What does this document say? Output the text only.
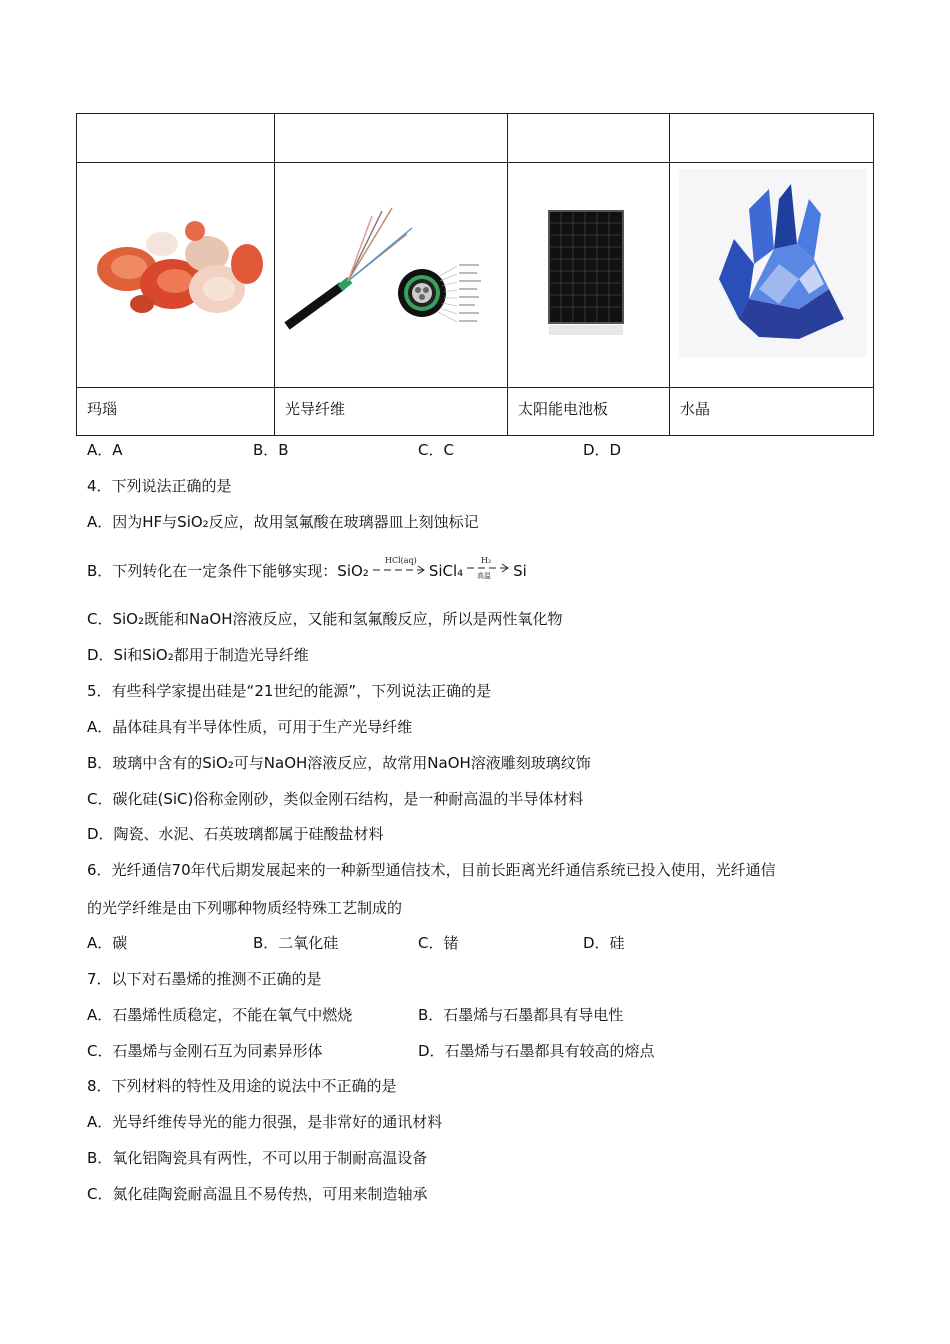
玛瑙	光导纤维	太阳能电池板	水晶
A．A	B．B	C．C	D．D
4．下列说法正确的是
A．因为HF与SiO₂反应，故用氢氟酸在玻璃器皿上刻蚀标记
B．下列转化在一定条件下能够实现：SiO₂
HCl(aq)
SiCl₄
H₂
高温 Si
C．SiO₂既能和NaOH溶液反应，又能和氢氟酸反应，所以是两性氧化物
D．Si和SiO₂都用于制造光导纤维
5．有些科学家提出硅是“21世纪的能源”，下列说法正确的是
A．晶体硅具有半导体性质，可用于生产光导纤维
B．玻璃中含有的SiO₂可与NaOH溶液反应，故常用NaOH溶液雕刻玻璃纹饰
C．碳化硅(SiC)俗称金刚砂，类似金刚石结构，是一种耐高温的半导体材料
D．陶瓷、水泥、石英玻璃都属于硅酸盐材料
6．光纤通信70年代后期发展起来的一种新型通信技术，目前长距离光纤通信系统已投入使用，光纤通信
的光学纤维是由下列哪种物质经特殊工艺制成的
A．碳	B．二氧化硅	C．锗	D．硅
7．以下对石墨烯的推测不正确的是
A．石墨烯性质稳定，不能在氧气中燃烧	B．石墨烯与石墨都具有导电性
C．石墨烯与金刚石互为同素异形体	D．石墨烯与石墨都具有较高的熔点
8．下列材料的特性及用途的说法中不正确的是
A．光导纤维传导光的能力很强，是非常好的通讯材料
B．氧化铝陶瓷具有两性，不可以用于制耐高温设备
C．氮化硅陶瓷耐高温且不易传热，可用来制造轴承
